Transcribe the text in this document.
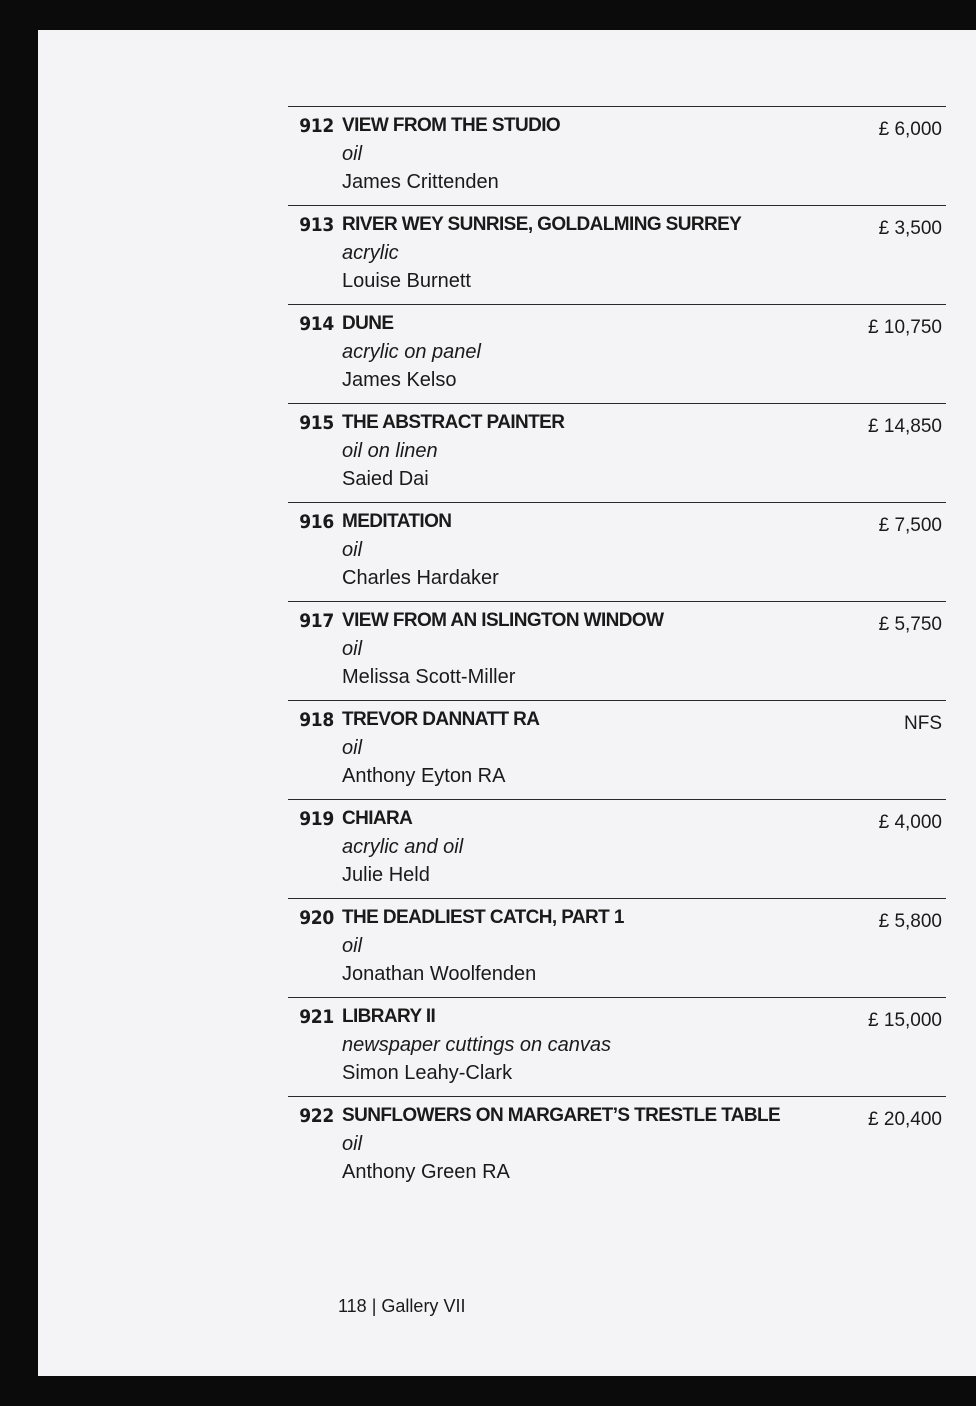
912 VIEW FROM THE STUDIO
oil
James Crittenden
£ 6,000
913 RIVER WEY SUNRISE, GOLDALMING SURREY
acrylic
Louise Burnett
£ 3,500
914 DUNE
acrylic on panel
James Kelso
£ 10,750
915 THE ABSTRACT PAINTER
oil on linen
Saied Dai
£ 14,850
916 MEDITATION
oil
Charles Hardaker
£ 7,500
917 VIEW FROM AN ISLINGTON WINDOW
oil
Melissa Scott-Miller
£ 5,750
918 TREVOR DANNATT RA
oil
Anthony Eyton RA
NFS
919 CHIARA
acrylic and oil
Julie Held
£ 4,000
920 THE DEADLIEST CATCH, PART 1
oil
Jonathan Woolfenden
£ 5,800
921 LIBRARY II
newspaper cuttings on canvas
Simon Leahy-Clark
£ 15,000
922 SUNFLOWERS ON MARGARET’S TRESTLE TABLE
oil
Anthony Green RA
£ 20,400
118 | Gallery VII
